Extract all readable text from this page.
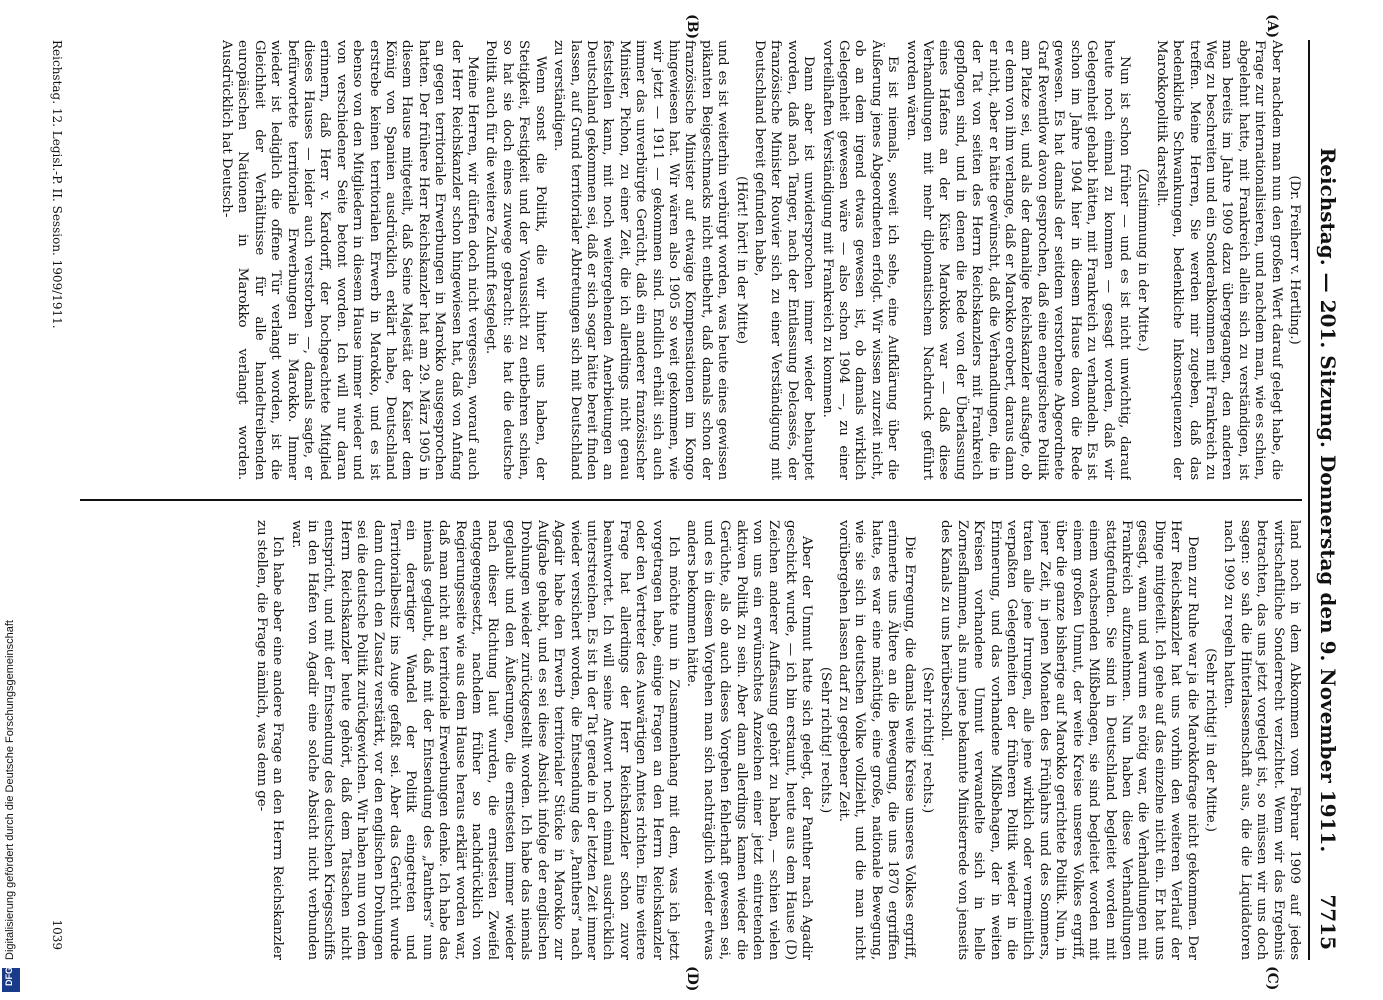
Reichstag. — 201. Sitzung. Donnerstag den 9. November 1911.
7715
(A)
(B)
(C)
(D)

(Dr. Freiherr v. Hertling.)

Aber nachdem man nun den großen Wert darauf gelegt habe, die Frage zur internationalisieren, und nachdem man, wie es schien, abgelehnt hatte, mit Frankreich allein sich zu verständigen, ist man bereits im Jahre 1909 dazu übergegangen, den anderen Weg zu beschreiten und ein Sonderabkommen mit Frankreich zu treffen. Meine Herren, Sie werden mir zugeben, daß das bedenkliche Schwankungen, bedenkliche Inkonsequenzen der Marokkopolitik darstellt.

(Zustimmung in der Mitte.)

Nun ist schon früher — und es ist nicht unwichtig, darauf heute noch einmal zu kommen — gesagt worden, daß wir Gelegenheit gehabt hätten, mit Frankreich zu verhandeln. Es ist schon im Jahre 1904 hier in diesem Hause davon die Rede gewesen. Es hat damals der seitdem verstorbene Abgeordnete Graf Reventlow davon gesprochen, daß eine energischere Politik am Platze sei, und als der damalige Reichskanzler aufsagte, ob er denn von ihm verlange, daß er Marokko erobert, daraus dann er nicht, aber er hätte gewünscht, daß die Verhandlungen, die in der Tat von seiten des Herrn Reichskanzlers mit Frankreich gepflogen sind, und in denen die Rede von der Überlassung eines Hafens an der Küste Marokkos war — daß diese Verhandlungen mit mehr diplomatischem Nachdruck geführt worden wären.

Es ist niemals, soweit ich sehe, eine Aufklärung über die Äußerung jenes Abgeordneten erfolgt. Wir wissen zurzeit nicht, ob an dem irgend etwas gewesen ist, ob damals wirklich Gelegenheit gewesen wäre — also schon 1904 —, zu einer vorteilhaften Verständigung mit Frankreich zu kommen.

Dann aber ist unwidersprochen immer wieder behauptet worden, daß nach Tanger, nach der Entlassung Delcassés, der französische Minister Rouvier sich zu einer Verständigung mit Deutschland bereit gefunden habe,

(Hört! hört! in der Mitte)

und es ist weiterhin verbürgt worden, was heute eines gewissen pikanten Beigeschmacks nicht entbehrt, daß damals schon der französische Minister auf etwaige Kompensationen im Kongo hingewiesen hat. Wir wären also 1905 so weit gekommen, wie wir jetzt — 1911 — gekommen sind. Endlich erhält sich auch immer das unverbürgte Gerücht, daß ein anderer französischer Minister, Pichon, zu einer Zeit, die ich allerdings nicht genau feststellen kann, mit noch weitergehenden Anerbietungen an Deutschland gekommen sei, daß er sich sogar hätte bereit finden lassen, auf Grund territorialer Abtretungen sich mit Deutschland zu verständigen.

Wenn sonst die Politik, die wir hinter uns haben, der Stetigkeit, Festigkeit und der Voraussicht zu entbehren schien, so hat sie doch eines zuwege gebracht: sie hat die deutsche Politik auch für die weitere Zukunft festgelegt.

Meine Herren, wir dürfen doch nicht vergessen, worauf auch der Herr Reichskanzler schon hingewiesen hat, daß von Anfang an gegen territoriale Erwerbungen in Marokko ausgesprochen hatten. Der frühere Herr Reichskanzler hat am 29. März 1905 in diesem Hause mitgeteilt, daß Seine Majestät der Kaiser dem König von Spanien ausdrücklich erklärt habe, Deutschland erstrebe keinen territorialen Erwerb in Marokko, und es ist ebenso von den Mitgliedern in diesem Hause immer wieder und von verschiedener Seite betont worden. Ich will nur daran erinnern, daß Herr v. Kardorff, der hochgeachtete Mitglied dieses Hauses — leider auch verstorben —, damals sagte, er befürwortete territoriale Erwerbungen in Marokko. Immer wieder ist lediglich die offene Tür verlangt worden, ist die Gleichheit der Verhältnisse für alle handeltreibenden europäischen Nationen in Marokko verlangt worden. Ausdrücklich hat Deutsch-

land noch in dem Abkommen vom Februar 1909 auf jedes wirtschaftliche Sonderrecht verzichtet. Wenn wir das Ergebnis betrachten, das uns jetzt vorgelegt ist, so müssen wir uns doch sagen: so sah die Hinterlassenschaft aus, die die Liquidatoren nach 1909 zu regeln hatten.

(Sehr richtig! in der Mitte.)

Denn zur Ruhe war ja die Marokkofrage nicht gekommen. Der Herr Reichskanzler hat uns vorhin den weiteren Verlauf der Dinge mitgeteilt. Ich gehe auf das einzelne nicht ein. Er hat uns gesagt, wann und warum es nötig war, die Verhandlungen mit Frankreich aufzunehmen. Nun haben diese Verhandlungen stattgefunden. Sie sind in Deutschland begleitet worden mit einem wachsenden Mißbehagen, sie sind begleitet worden mit einem großen Unmut, der weite Kreise unseres Volkes ergriff, über die ganze bisherige auf Marokko gerichtete Politik. Nun, in jener Zeit, in jenen Monaten des Frühjahrs und des Sommers, traten alle jene Irrungen, alle jene wirklich oder vermeintlich verpaßten Gelegenheiten der früheren Politik wieder in die Erinnerung, und das vorhandene Mißbehagen, der in weiten Kreisen vorhandene Unmut verwandelte sich in helle Zornesflammen, als nun jene bekannte Ministerrede von jenseits des Kanals zu uns herüberscholl.

(Sehr richtig! rechts.)

Die Erregung, die damals weite Kreise unseres Volkes ergriff, erinnerte uns Ältere an die Bewegung, die uns 1870 ergriffen hatte, es war eine mächtige, eine große, nationale Bewegung, wie sie sich in deutschen Volke vollzieht, und die man nicht vorübergehen lassen darf zu gegebener Zeit.

(Sehr richtig! rechts.)

Aber der Unmut hatte sich gelegt, der Panther nach Agadir geschickt wurde, — ich bin erstaunt, heute aus dem Hause (D) Zeichen anderer Auffassung gehört zu haben, — schien vielen von uns ein erwünschtes Anzeichen einer jetzt eintretenden aktiven Politik zu sein. Aber dann allerdings kamen wieder die Gerüchte, als ob auch dieses Vorgehen fehlerhaft gewesen sei, und es in diesem Vorgehen man sich nachträglich wieder etwas anders bekommen hätte.

Ich möchte nun in Zusammenhang mit dem, was ich jetzt vorgetragen habe, einige Fragen an den Herrn Reichskanzler oder den Vertreter des Auswärtigen Amtes richten. Eine weitere Frage hat allerdings der Herr Reichskanzler schon zuvor beantwortet. Ich will seine Antwort noch einmal ausdrücklich unterstreichen. Es ist in der Tat gerade in der letzten Zeit immer wieder versichert worden, die Entsendung des „Panthers“ nach Agadir habe den Erwerb territorialer Stücke in Marokko zur Aufgabe gehabt, und es sei diese Absicht infolge der englischen Drohungen wieder zurückgestellt worden. Ich habe das niemals geglaubt und den Äußerungen, die ernstesten immer wieder nach dieser Richtung laut wurden, die ernstesten Zweifel entgegengesetzt, nachdem früher so nachdrücklich von Regierungsseite wie aus dem Hause heraus erklärt worden war, daß man nicht an territoriale Erwerbungen denke. Ich habe das niemals geglaubt, daß mit der Entsendung des „Panthers“ nun ein derartiger Wandel der Politik eingetreten und Territorialbesitz ins Auge gefaßt sei. Aber das Gerücht wurde dann durch den Zusatz verstärkt, vor den englischen Drohungen sei die deutsche Politik zurückgewichen. Wir haben nun von dem Herrn Reichskanzler heute gehört, daß dem Tatsachen nicht entspricht, und mit der Entsendung des deutschen Kriegsschiffs in den Hafen von Agadir eine solche Absicht nicht verbunden war.

Ich habe aber eine andere Frage an den Herrn Reichskanzler zu stellen, die Frage nämlich, was denn ge-

Reichstag. 12. Legisl.-P. II. Session. 1909/1911.
1039
Digitalisierung gefördert durch die Deutsche Forschungsgemeinschaft
DFG
